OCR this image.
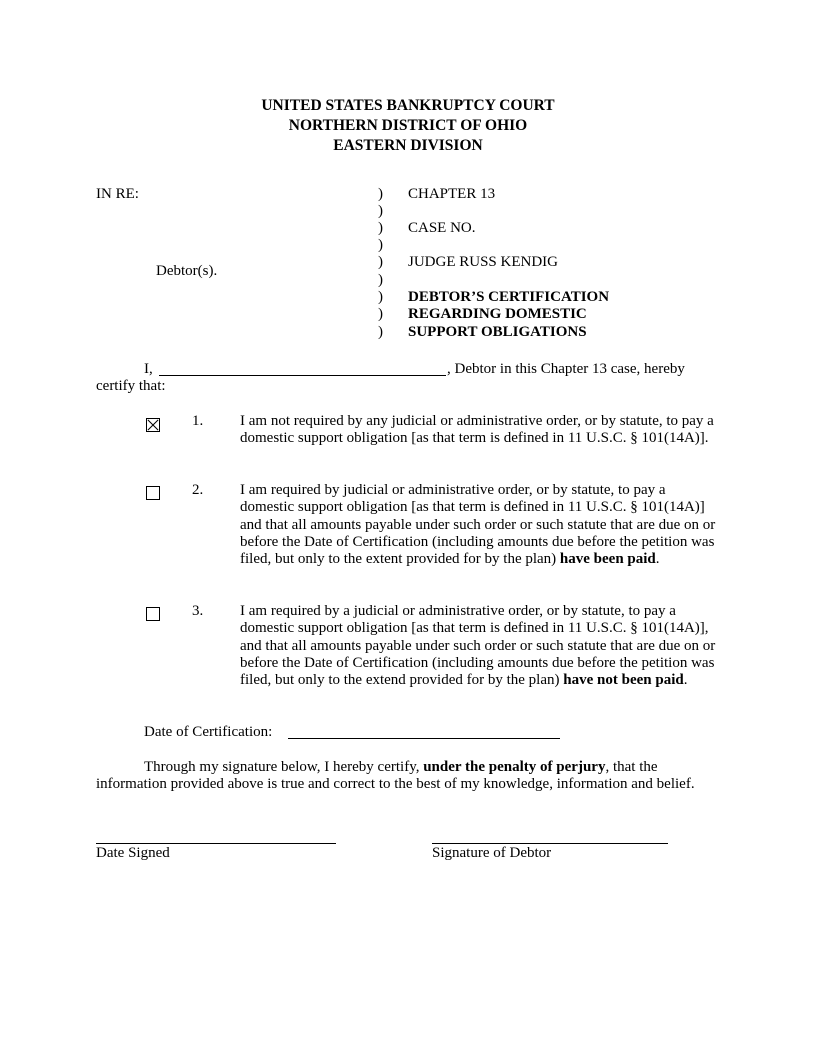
UNITED STATES BANKRUPTCY COURT
NORTHERN DISTRICT OF OHIO
EASTERN DIVISION
IN RE:
Debtor(s).
)
)
)
)
)
)
)
)
)
CHAPTER 13
CASE NO.
JUDGE RUSS KENDIG
DEBTOR’S CERTIFICATION
REGARDING DOMESTIC
SUPPORT OBLIGATIONS
I,	, Debtor in this Chapter 13 case, hereby
certify that:
1. I am not required by any judicial or administrative order, or by statute, to pay a domestic support obligation [as that term is defined in 11 U.S.C. § 101(14A)].
2. I am required by judicial or administrative order, or by statute, to pay a domestic support obligation [as that term is defined in 11 U.S.C. § 101(14A)] and that all amounts payable under such order or such statute that are due on or before the Date of Certification (including amounts due before the petition was filed, but only to the extent provided for by the plan) have been paid.
3. I am required by a judicial or administrative order, or by statute, to pay a domestic support obligation [as that term is defined in 11 U.S.C. § 101(14A)], and that all amounts payable under such order or such statute that are due on or before the Date of Certification (including amounts due before the petition was filed, but only to the extend provided for by the plan) have not been paid.
Date of Certification:
Through my signature below, I hereby certify, under the penalty of perjury, that the information provided above is true and correct to the best of my knowledge, information and belief.
Date Signed	Signature of Debtor
